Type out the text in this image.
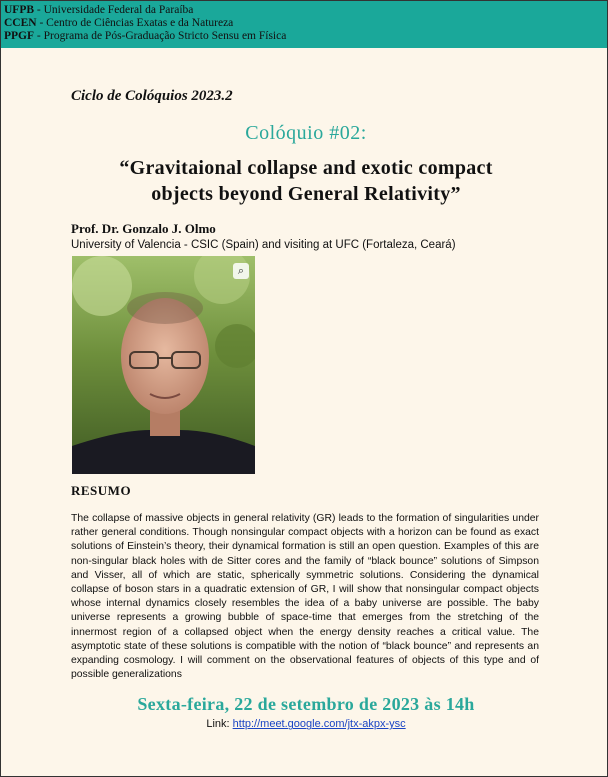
UFPB - Universidade Federal da Paraíba
CCEN - Centro de Ciências Exatas e da Natureza
PPGF - Programa de Pós-Graduação Stricto Sensu em Física
Ciclo de Colóquios 2023.2
Colóquio #02:
“Gravitaional collapse and exotic compact
objects beyond General Relativity”
Prof. Dr. Gonzalo J. Olmo
University of Valencia - CSIC (Spain) and visiting at UFC (Fortaleza, Ceará)
⌕
RESUMO
The collapse of massive objects in general relativity (GR) leads to the formation of singularities under rather general conditions. Though nonsingular compact objects with a horizon can be found as exact solutions of Einstein’s theory, their dynamical formation is still an open question. Examples of this are non-singular black holes with de Sitter cores and the family of “black bounce” solutions of Simpson and Visser, all of which are static, spherically symmetric solutions. Considering the dynamical collapse of boson stars in a quadratic extension of GR, I will show that nonsingular compact objects whose internal dynamics closely resembles the idea of a baby universe are possible. The baby universe represents a growing bubble of space-time that emerges from the stretching of the innermost region of a collapsed object when the energy density reaches a critical value. The asymptotic state of these solutions is compatible with the notion of “black bounce” and represents an expanding cosmology. I will comment on the observational features of objects of this type and of possible generalizations
Sexta-feira, 22 de setembro de 2023 às 14h
Link: http://meet.google.com/jtx-akpx-ysc
